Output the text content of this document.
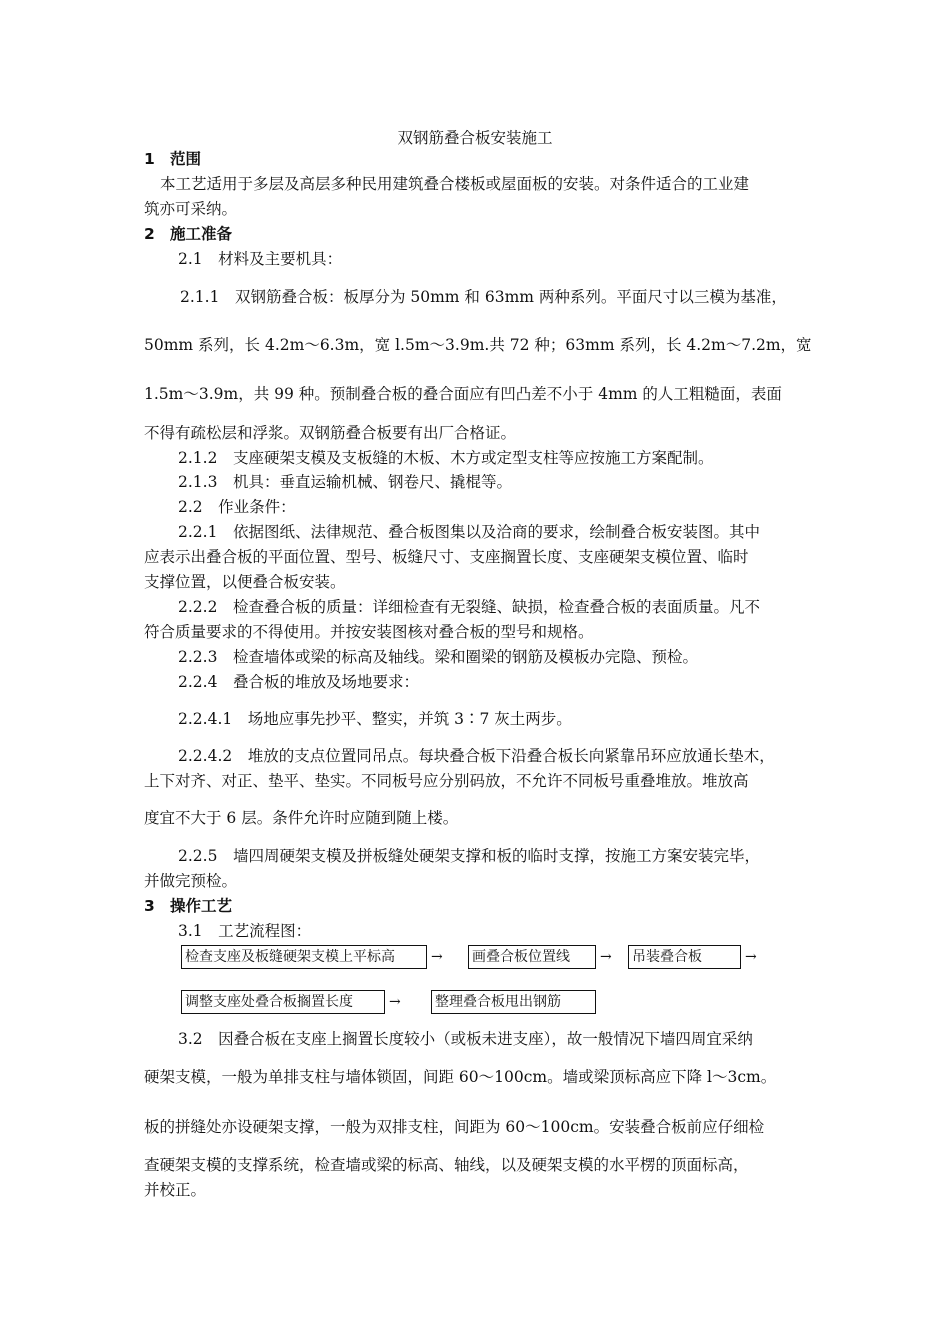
双钢筋叠合板安装施工
1 范围
本工艺适用于多层及高层多种民用建筑叠合楼板或屋面板的安装。对条件适合的工业建
筑亦可采纳。
2 施工准备
2.1　材料及主要机具：
2.1.1　双钢筋叠合板：板厚分为 50mm 和 63mm 两种系列。平面尺寸以三模为基准，
50mm 系列，长 4.2m～6.3m，宽 l.5m～3.9m.共 72 种；63mm 系列，长 4.2m～7.2m，宽
1.5m～3.9m，共 99 种。预制叠合板的叠合面应有凹凸差不小于 4mm 的人工粗糙面，表面
不得有疏松层和浮浆。双钢筋叠合板要有出厂合格证。
2.1.2　支座硬架支模及支板缝的木板、木方或定型支柱等应按施工方案配制。
2.1.3　机具：垂直运输机械、钢卷尺、撬棍等。
2.2　作业条件：
2.2.1　依据图纸、法律规范、叠合板图集以及洽商的要求，绘制叠合板安装图。其中
应表示出叠合板的平面位置、型号、板缝尺寸、支座搁置长度、支座硬架支模位置、临时
支撑位置，以便叠合板安装。
2.2.2　检查叠合板的质量：详细检查有无裂缝、缺损，检查叠合板的表面质量。凡不
符合质量要求的不得使用。并按安装图核对叠合板的型号和规格。
2.2.3　检查墙体或梁的标高及轴线。梁和圈梁的钢筋及模板办完隐、预检。
2.2.4　叠合板的堆放及场地要求：
2.2.4.1　场地应事先抄平、整实，并筑 3∶7 灰土两步。
2.2.4.2　堆放的支点位置同吊点。每块叠合板下沿叠合板长向紧靠吊环应放通长垫木，
上下对齐、对正、垫平、垫实。不同板号应分别码放，不允许不同板号重叠堆放。堆放高
度宜不大于 6 层。条件允许时应随到随上楼。
2.2.5　墙四周硬架支模及拼板缝处硬架支撑和板的临时支撑，按施工方案安装完毕，
并做完预检。
3 操作工艺
3.1　工艺流程图：
检查支座及板缝硬架支模上平标高	→ 画叠合板位置线	→ 吊装叠合板	→
调整支座处叠合板搁置长度	→ 整理叠合板甩出钢筋
3.2　因叠合板在支座上搁置长度较小（或板未进支座），故一般情况下墙四周宜采纳
硬架支模，一般为单排支柱与墙体锁固，间距 60～100cm。墙或梁顶标高应下降 l～3cm。
板的拼缝处亦设硬架支撑，一般为双排支柱，间距为 60～100cm。安装叠合板前应仔细检
查硬架支模的支撑系统，检查墙或梁的标高、轴线，以及硬架支模的水平楞的顶面标高，
并校正。
